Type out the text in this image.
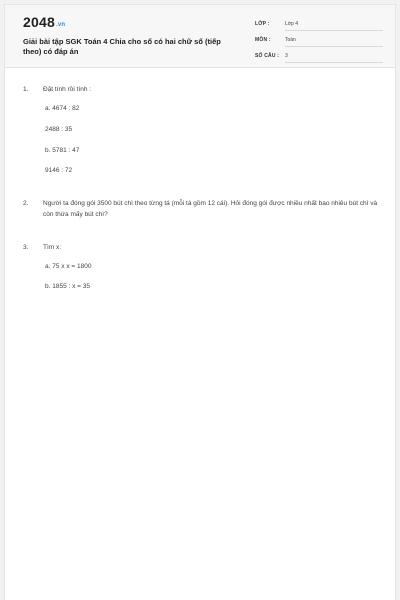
2048.vn
Giải bài tập SGK Toán 4 Chia cho số có hai chữ số (tiếp theo) có đáp án
LỚP :	Lớp 4
MÔN :	Toán
SỐ CÂU : 3
1.	Đặt tính rồi tính :
a. 4674 : 82
2488 : 35
b. 5781 : 47
9146 : 72
2.	Người ta đóng gói 3500 bút chì theo từng tá (mỗi tá gồm 12 cái). Hỏi đóng gói được nhiều nhất bao nhiêu bút chì và còn thừa mấy bút chì?
3.	Tìm x:
a. 75 x x = 1800
b. 1855 : x = 35
